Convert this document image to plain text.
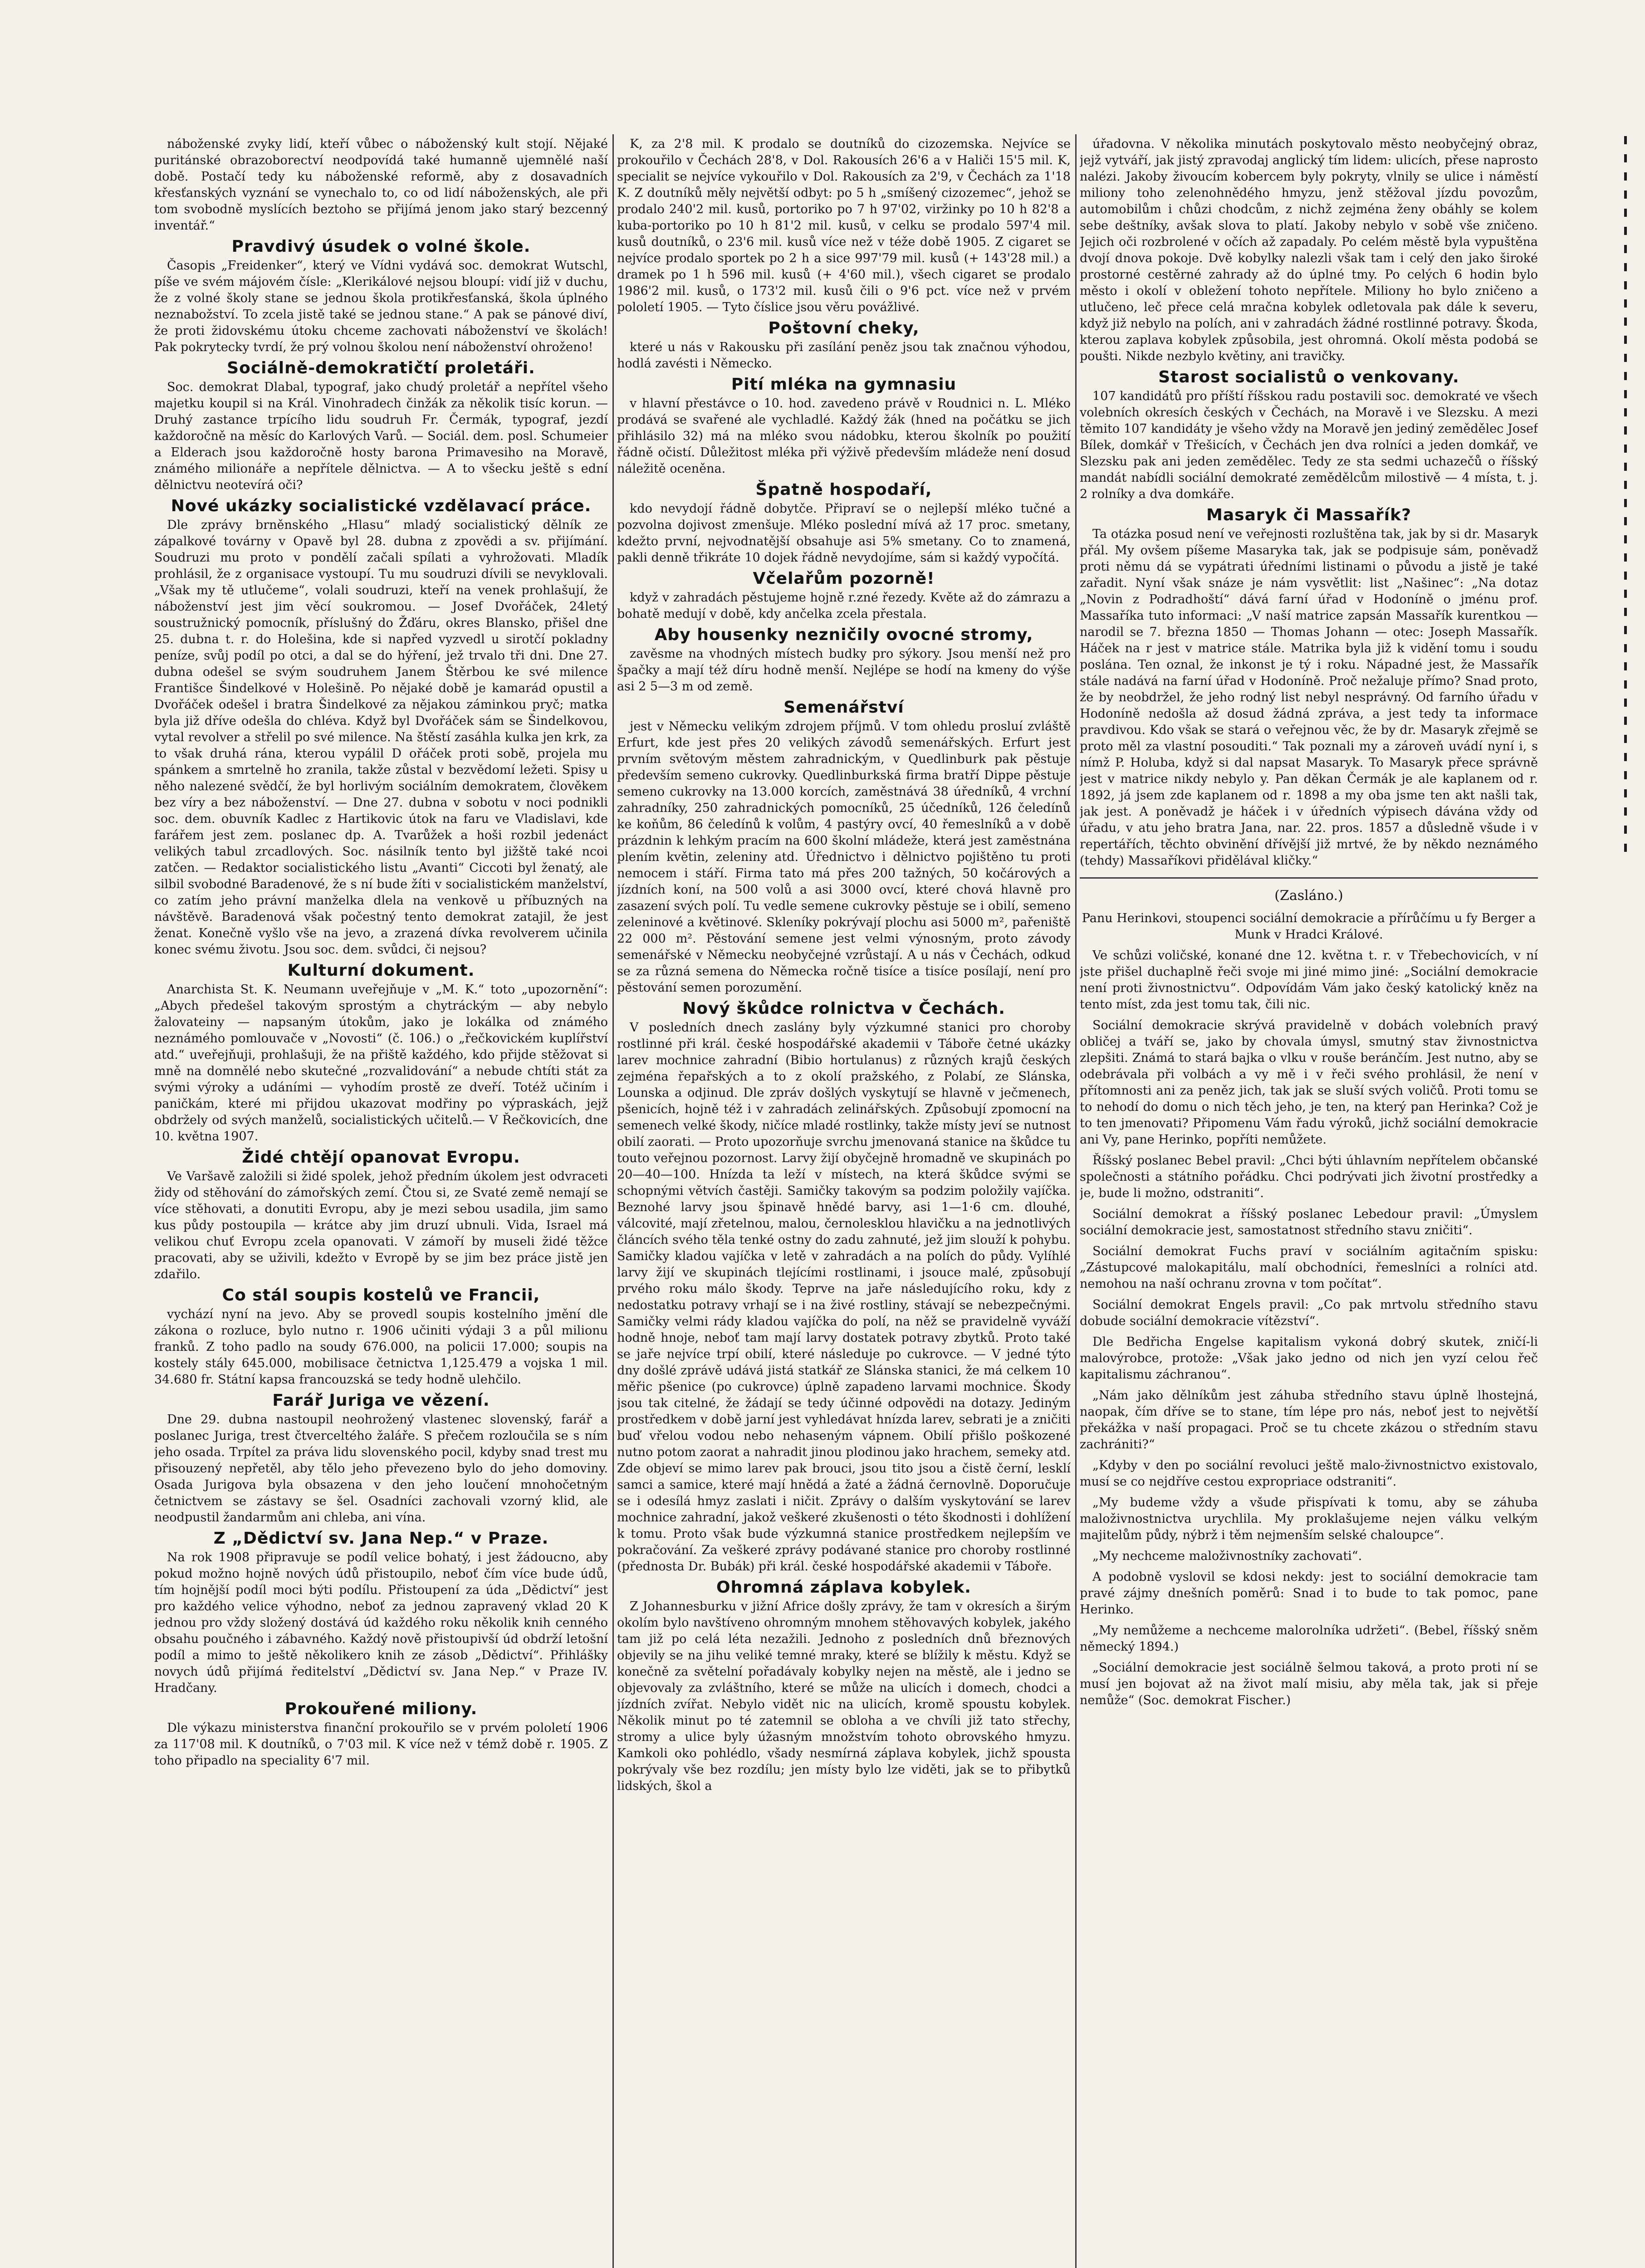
náboženské zvyky lidí, kteří vůbec o náboženský kult stojí. Nějaké puritánské obrazoborectví neodpovídá také humanně ujemnělé naší době. Postačí tedy ku náboženské reformě, aby z dosavadních křesťanských vyznání se vynechalo to, co od lidí náboženských, ale při tom svobodně myslících beztoho se přijímá jenom jako starý bezcenný inventář.“

Pravdivý úsudek o volné škole.

Časopis „Freidenker“, který ve Vídni vydává soc. demokrat Wutschl, píše ve svém májovém čísle: „Klerikálové nejsou bloupí: vidí již v duchu, že z volné školy stane se jednou škola protikřesťanská, škola úplného neznabožství. To zcela jistě také se jednou stane.“ A pak se pánové diví, že proti židovskému útoku chceme zachovati náboženství ve školách! Pak pokrytecky tvrdí, že prý volnou školou není náboženství ohroženo!

Sociálně-demokratičtí proletáři.

Soc. demokrat Dlabal, typograf, jako chudý proletář a nepřítel všeho majetku koupil si na Král. Vinohradech činžák za několik tisíc korun. — Druhý zastance trpícího lidu soudruh Fr. Čermák, typograf, jezdí každoročně na měsíc do Karlových Varů. — Sociál. dem. posl. Schumeier a Elderach jsou každoročně hosty barona Primavesiho na Moravě, známého milionáře a nepřítele dělnictva. — A to všecku ještě s ední dělnictvu neotevírá oči?

Nové ukázky socialistické vzdělavací práce.

Dle zprávy brněnského „Hlasu“ mladý socialistický dělník ze zápalkové továrny v Opavě byl 28. dubna z zpovědi a sv. přijímání. Soudruzi mu proto v pondělí začali spílati a vyhrožovati. Mladík prohlásil, že z organisace vystoupí. Tu mu soudruzi dívili se nevyklovali. „Však my tě utlučeme“, volali soudruzi, kteří na venek prohlašují, že náboženství jest jim věcí soukromou. — Josef Dvořáček, 24letý soustružnický pomocník, příslušný do Žďáru, okres Blansko, přišel dne 25. dubna t. r. do Holešina, kde si napřed vyzvedl u sirotčí pokladny peníze, svůj podíl po otci, a dal se do hýření, jež trvalo tři dni. Dne 27. dubna odešel se svým soudruhem Janem Štěrbou ke své milence Františce Šindelkové v Holešině. Po nějaké době je kamarád opustil a Dvořáček odešel i bratra Šindelkové za nějakou záminkou pryč; matka byla již dříve odešla do chléva. Když byl Dvořáček sám se Šindelkovou, vytal revolver a střelil po své milence. Na štěstí zasáhla kulka jen krk, za to však druhá rána, kterou vypálil D ořáček proti sobě, projela mu spánkem a smrtelně ho zranila, takže zůstal v bezvědomí ležeti. Spisy u něho nalezené svědčí, že byl horlivým sociálním demokratem, člověkem bez víry a bez náboženství. — Dne 27. dubna v sobotu v noci podnikli soc. dem. obuvník Kadlec z Hartikovic útok na faru ve Vladislavi, kde farářem jest zem. poslanec dp. A. Tvarůžek a hoši rozbil jedenáct velikých tabul zrcadlových. Soc. násilník tento byl jižště také ncoi zatčen. — Redaktor socialistického listu „Avanti“ Ciccoti byl ženatý, ale silbil svobodné Baradenové, že s ní bude žíti v socialistickém manželství, co zatím jeho právní manželka dlela na venkově u příbuzných na návštěvě. Baradenová však počestný tento demokrat zatajil, že jest ženat. Konečně vyšlo vše na jevo, a zrazená dívka revolverem učinila konec svému životu. Jsou soc. dem. svůdci, či nejsou?

Kulturní dokument.

Anarchista St. K. Neumann uveřejňuje v „M. K.“ toto „upozornění“: „Abych předešel takovým sprostým a chytráckým — aby nebylo žalovateiny — napsaným útokům, jako je lokálka od známého neznámého pomlouvače v „Novosti“ (č. 106.) o „řečkovickém kuplířství atd.“ uveřejňuji, prohlašuji, že na přiště každého, kdo přijde stěžovat si mně na domnělé nebo skutečné „rozvalidování“ a nebude chtíti stát za svými výroky a udáními — vyhodím prostě ze dveří. Totéž učiním i paničkám, které mi přijdou ukazovat modřiny po výpraskách, jejž obdržely od svých manželů, socialistických učitelů.— V Řečkovicích, dne 10. května 1907.

Židé chtějí opanovat Evropu.

Ve Varšavě založili si židé spolek, jehož předním úkolem jest odvraceti židy od stěhování do zámořských zemí. Čtou si, ze Svaté země nemají se více stěhovati, a donutiti Evropu, aby je mezi sebou usadila, jim samo kus půdy postoupila — krátce aby jim druzí ubnuli. Vida, Israel má velikou chuť Evropu zcela opanovati. V zámoří by museli židé těžce pracovati, aby se uživili, kdežto v Evropě by se jim bez práce jistě jen zdařilo.

Co stál soupis kostelů ve Francii,

vychází nyní na jevo. Aby se provedl soupis kostelního jmění dle zákona o rozluce, bylo nutno r. 1906 učiniti výdaji 3 a půl milionu franků. Z toho padlo na soudy 676.000, na policii 17.000; soupis na kostely stály 645.000, mobilisace četnictva 1,125.479 a vojska 1 mil. 34.680 fr. Státní kapsa francouzská se tedy hodně ulehčilo.

Farář Juriga ve vězení.

Dne 29. dubna nastoupil neohrožený vlastenec slovenský, farář a poslanec Juriga, trest čtverceltého žaláře. S přečem rozloučila se s ním jeho osada. Trpítel za práva lidu slovenského pocil, kdyby snad trest mu přisouzený nepřetěl, aby tělo jeho převezeno bylo do jeho domoviny. Osada Jurigova byla obsazena v den jeho loučení mnohočetným četnictvem se zástavy se šel. Osadníci zachovali vzorný klid, ale neodpustil žandarmům ani chleba, ani vína.

Z „Dědictví sv. Jana Nep.“ v Praze.

Na rok 1908 připravuje se podíl velice bohatý, i jest žádoucno, aby pokud možno hojně nových údů přistoupilo, neboť čím více bude údů, tím hojnější podíl moci býti podílu. Přistoupení za úda „Dědictví“ jest pro každého velice výhodno, neboť za jednou zapravený vklad 20 K jednou pro vždy složený dostává úd každého roku několik knih cenného obsahu poučného i zábavného. Každý nově přistoupivší úd obdrží letošní podíl a mimo to ještě několikero knih ze zásob „Dědictví“. Přihlášky novych údů přijímá ředitelství „Dědictví sv. Jana Nep.“ v Praze IV. Hradčany.

Prokouřené miliony.

Dle výkazu ministerstva finanční prokouřilo se v prvém pololetí 1906 za 117'08 mil. K doutníků, o 7'03 mil. K více než v témž době r. 1905. Z toho připadlo na speciality 6'7 mil.

K, za 2'8 mil. K prodalo se doutníků do cizozemska. Nejvíce se prokouřilo v Čechách 28'8, v Dol. Rakousích 26'6 a v Haliči 15'5 mil. K, specialit se nejvíce vykouřilo v Dol. Rakousích za 2'9, v Čechách za 1'18 K. Z doutníků měly největší odbyt: po 5 h „smíšený cizozemec“, jehož se prodalo 240'2 mil. kusů, portoriko po 7 h 97'02, viržinky po 10 h 82'8 a kuba-portoriko po 10 h 81'2 mil. kusů, v celku se prodalo 597'4 mil. kusů doutníků, o 23'6 mil. kusů více než v téže době 1905. Z cigaret se nejvíce prodalo sportek po 2 h a sice 997'79 mil. kusů (+ 143'28 mil.) a dramek po 1 h 596 mil. kusů (+ 4'60 mil.), všech cigaret se prodalo 1986'2 mil. kusů, o 173'2 mil. kusů čili o 9'6 pct. více než v prvém pololetí 1905. — Tyto číslice jsou věru povážlivé.

Poštovní cheky,

které u nás v Rakousku při zasílání peněz jsou tak značnou výhodou, hodlá zavésti i Německo.

Pití mléka na gymnasiu

v hlavní přestávce o 10. hod. zavedeno právě v Roudnici n. L. Mléko prodává se svařené ale vychladlé. Každý žák (hned na počátku se jich přihlásilo 32) má na mléko svou nádobku, kterou školník po použití řádně očistí. Důležitost mléka při výživě především mládeže není dosud náležitě oceněna.

Špatně hospodaří,

kdo nevydojí řádně dobytče. Připraví se o nejlepší mléko tučné a pozvolna dojivost zmenšuje. Mléko poslední mívá až 17 proc. smetany, kdežto první, nejvodnatější obsahuje asi 5% smetany. Co to znamená, pakli denně třikráte 10 dojek řádně nevydojíme, sám si každý vypočítá.

Včelařům pozorně!

když v zahradách pěstujeme hojně r.zné řezedy. Květe až do zámrazu a bohatě medují v době, kdy ančelka zcela přestala.

Aby housenky nezničily ovocné stromy,

zavěsme na vhodných místech budky pro sýkory. Jsou menší než pro špačky a mají též díru hodně menší. Nejlépe se hodí na kmeny do výše asi 2 5—3 m od země.

Semenářství

jest v Německu velikým zdrojem příjmů. V tom ohledu prosluí zvláště Erfurt, kde jest přes 20 velikých závodů semenářských. Erfurt jest prvním světovým městem zahradnickým, v Quedlinburk pak pěstuje především semeno cukrovky. Quedlinburkská firma bratří Dippe pěstuje semeno cukrovky na 13.000 korcích, zaměstnává 38 úředníků, 4 vrchní zahradníky, 250 zahradnických pomocníků, 25 účedníků, 126 čeledínů ke koňům, 86 čeledínů k volům, 4 pastýry ovcí, 40 řemeslníků a v době prázdnin k lehkým pracím na 600 školní mládeže, která jest zaměstnána plením květin, zeleniny atd. Úřednictvo i dělnictvo pojištěno tu proti nemocem i stáří. Firma tato má přes 200 tažných, 50 kočárových a jízdních koní, na 500 volů a asi 3000 ovcí, které chová hlavně pro zasazení svých polí. Tu vedle semene cukrovky pěstuje se i obilí, semeno zeleninové a květinové. Skleníky pokrývají plochu asi 5000 m², pařeniště 22 000 m². Pěstování semene jest velmi výnosným, proto závody semenářské v Německu neobyčejné vzrůstají. A u nás v Čechách, odkud se za různá semena do Německa ročně tisíce a tisíce posílají, není pro pěstování semen porozumění.

Nový škůdce rolnictva v Čechách.

V posledních dnech zaslány byly výzkumné stanici pro choroby rostlinné při král. české hospodářské akademii v Táboře četné ukázky larev mochnice zahradní (Bibio hortulanus) z různých krajů českých zejména řepařských a to z okolí pražského, z Polabí, ze Slánska, Lounska a odjinud. Dle zpráv došlých vyskytují se hlavně v ječmenech, pšenicích, hojně též i v zahradách zelinářských. Způsobují zpomocní na semenech velké škody, ničíce mladé rostlinky, takže místy jeví se nutnost obilí zaorati. — Proto upozorňuje svrchu jmenovaná stanice na škůdce tu touto veřejnou pozornost. Larvy žijí obyčejně hromadně ve skupinách po 20—40—100. Hnízda ta leží v místech, na která škůdce svými se schopnými větvích častěji. Samičky takovým sa podzim položily vajíčka. Beznohé larvy jsou špinavě hnědé barvy, asi 1—1·6 cm. dlouhé, válcovité, mají zřetelnou, malou, černolesklou hlavičku a na jednotlivých článcích svého těla tenké ostny do zadu zahnuté, jež jim slouží k pohybu. Samičky kladou vajíčka v letě v zahradách a na polích do půdy. Vylíhlé larvy žijí ve skupinách tlejícími rostlinami, i jsouce malé, způsobují prvého roku málo škody. Teprve na jaře následujícího roku, kdy z nedostatku potravy vrhají se i na živé rostliny, stávají se nebezpečnými. Samičky velmi rády kladou vajíčka do polí, na něž se pravidelně vyváží hodně hnoje, neboť tam mají larvy dostatek potravy zbytků. Proto také se jaře nejvíce trpí obilí, které následuje po cukrovce. — V jedné týto dny došlé zprávě udává jistá statkář ze Slánska stanici, že má celkem 10 měřic pšenice (po cukrovce) úplně zapadeno larvami mochnice. Škody jsou tak citelné, že žádají se tedy účinné odpovědi na dotazy. Jediným prostředkem v době jarní jest vyhledávat hnízda larev, sebrati je a zničiti buď vřelou vodou nebo nehaseným vápnem. Obilí přišlo poškozené nutno potom zaorat a nahradit jinou plodinou jako hrachem, semeky atd. Zde objeví se mimo larev pak brouci, jsou tito jsou a čistě černí, lesklí samci a samice, které mají hnědá a žaté a žádná černovlně. Doporučuje se i odesílá hmyz zaslati i ničit. Zprávy o dalším vyskytování se larev mochnice zahradní, jakož veškeré zkušenosti o této škodnosti i dohlížení k tomu. Proto však bude výzkumná stanice prostředkem nejlepším ve pokračování. Za veškeré zprávy podávané stanice pro choroby rostlinné (přednosta Dr. Bubák) při král. české hospodářské akademii v Táboře.

Ohromná záplava kobylek.

Z Johannesburku v jižní Africe došly zprávy, že tam v okresích a širým okolím bylo navštíveno ohromným mnohem stěhovavých kobylek, jakého tam již po celá léta nezažili. Jednoho z posledních dnů březnových objevily se na jihu veliké temné mraky, které se blížily k městu. Když se konečně za světelní pořadávaly kobylky nejen na městě, ale i jedno se objevovaly za zvláštního, které se může na ulicích i domech, chodci a jízdních zvířat. Nebylo vidět nic na ulicích, kromě spoustu kobylek. Několik minut po té zatemnil se obloha a ve chvíli již tato střechy, stromy a ulice byly úžasným množstvím tohoto obrovského hmyzu. Kamkoli oko pohlédlo, všady nesmírná záplava kobylek, jichž spousta pokrývaly vše bez rozdílu; jen místy bylo lze viděti, jak se to přibytků lidských, škol a

úřadovna. V několika minutách poskytovalo město neobyčejný obraz, jejž vytváří, jak jistý zpravodaj anglický tím lidem: ulicích, přese naprosto nalézi. Jakoby živoucím kobercem byly pokryty, vlnily se ulice i náměstí miliony toho zelenohnědého hmyzu, jenž stěžoval jízdu povozům, automobilům i chůzi chodcům, z nichž zejména ženy obáhly se kolem sebe deštníky, avšak slova to platí. Jakoby nebylo v sobě vše zničeno. Jejich oči rozbrolené v očích až zapadaly. Po celém městě byla vypuštěna dvojí dnova pokoje. Dvě kobylky nalezli však tam i celý den jako široké prostorné cestěrné zahrady až do úplné tmy. Po celých 6 hodin bylo město i okolí v obležení tohoto nepřítele. Miliony ho bylo zničeno a utlučeno, leč přece celá mračna kobylek odletovala pak dále k severu, když již nebylo na polích, ani v zahradách žádné rostlinné potravy. Škoda, kterou zaplava kobylek způsobila, jest ohromná. Okolí města podobá se poušti. Nikde nezbylo květiny, ani travičky.

Starost socialistů o venkovany.

107 kandidátů pro příští říšskou radu postavili soc. demokraté ve všech volebních okresích českých v Čechách, na Moravě i ve Slezsku. A mezi těmito 107 kandidáty je všeho vždy na Moravě jen jediný zemědělec Josef Bílek, domkář v Třešicích, v Čechách jen dva rolníci a jeden domkář, ve Slezsku pak ani jeden zemědělec. Tedy ze sta sedmi uchazečů o říšský mandát nabídli sociální demokraté zemědělcům milostivě — 4 místa, t. j. 2 rolníky a dva domkáře.

Masaryk či Massařík?

Ta otázka posud není ve veřejnosti rozluštěna tak, jak by si dr. Masaryk přál. My ovšem píšeme Masaryka tak, jak se podpisuje sám, poněvadž proti němu dá se vypátrati úředními listinami o původu a jistě je také zařadit. Nyní však snáze je nám vysvětlit: list „Našinec“: „Na dotaz „Novin z Podradhoští“ dává farní úřad v Hodoníně o jménu prof. Massaříka tuto informaci: „V naší matrice zapsán Massařík kurentkou — narodil se 7. března 1850 — Thomas Johann — otec: Joseph Massařík. Háček na r jest v matrice stále. Matrika byla již k vidění tomu i soudu poslána. Ten oznal, že inkonst je tý i roku. Nápadné jest, že Massařík stále nadává na farní úřad v Hodoníně. Proč nežaluje přímo? Snad proto, že by neobdržel, že jeho rodný list nebyl nesprávný. Od farního úřadu v Hodoníně nedošla až dosud žádná zpráva, a jest tedy ta informace pravdivou. Kdo však se stará o veřejnou věc, že by dr. Masaryk zřejmě se proto měl za vlastní posouditi.“ Tak poznali my a zároveň uvádí nyní i, s nímž P. Holuba, když si dal napsat Masaryk. To Masaryk přece správně jest v matrice nikdy nebylo y. Pan děkan Čermák je ale kaplanem od r. 1892, já jsem zde kaplanem od r. 1898 a my oba jsme ten akt našli tak, jak jest. A poněvadž je háček i v úředních výpisech dávána vždy od úřadu, v atu jeho bratra Jana, nar. 22. pros. 1857 a důsledně všude i v repertářích, těchto obvinění dřívější již mrtvé, že by někdo neznámého (tehdy) Massaříkovi přidělával kličky.“

(Zasláno.)

Panu Herinkovi, stoupenci sociální demokracie a přírůčímu u fy Berger a Munk v Hradci Králové.

Ve schůzi voličské, konané dne 12. května t. r. v Třebechovicích, v ní jste přišel duchaplně řeči svoje mi jiné mimo jiné: „Sociální demokracie není proti živnostnictvu“. Odpovídám Vám jako český katolický kněz na tento míst, zda jest tomu tak, čili nic.

Sociální demokracie skrývá pravidelně v dobách volebních pravý obličej a tváří se, jako by chovala úmysl, smutný stav živnostnictva zlepšiti. Známá to stará bajka o vlku v rouše beránčím. Jest nutno, aby se odebrávala při volbách a vy mě i v řeči svého prohlásil, že není v přítomnosti ani za peněz jich, tak jak se sluší svých voličů. Proti tomu se to nehodí do domu o nich těch jeho, je ten, na který pan Herinka? Což je to ten jmenovati? Připomenu Vám řadu výroků, jichž sociální demokracie ani Vy, pane Herinko, popříti nemůžete.

Říšský poslanec Bebel pravil: „Chci býti úhlavním nepřítelem občanské společnosti a státního pořádku. Chci podrývati jich životní prostředky a je, bude li možno, odstraniti“.

Sociální demokrat a říšský poslanec Lebedour pravil: „Úmyslem sociální demokracie jest, samostatnost středního stavu zničiti“.

Sociální demokrat Fuchs praví v sociálním agitačním spisku: „Zástupcové malokapitálu, malí obchodníci, řemeslníci a rolníci atd. nemohou na naší ochranu zrovna v tom počítat“.

Sociální demokrat Engels pravil: „Co pak mrtvolu středního stavu dobude sociální demokracie vítězství“.

Dle Bedřicha Engelse kapitalism vykoná dobrý skutek, zničí-li malovýrobce, protože: „Však jako jedno od nich jen vyzí celou řeč kapitalismu záchranou“.

„Nám jako dělníkům jest záhuba středního stavu úplně lhostejná, naopak, čím dříve se to stane, tím lépe pro nás, neboť jest to největší překážka v naší propagaci. Proč se tu chcete zkázou o středním stavu zachrániti?“

„Kdyby v den po sociální revoluci ještě malo-živnostnictvo existovalo, musí se co nejdříve cestou expropriace odstraniti“.

„My budeme vždy a všude přispívati k tomu, aby se záhuba maloživnostnictva urychlila. My proklašujeme nejen válku velkým majitelům půdy, nýbrž i těm nejmenším selské chaloupce“.

„My nechceme maloživnostníky zachovati“.

A podobně vyslovil se kdosi nekdy: jest to sociální demokracie tam pravé zájmy dnešních poměrů: Snad i to bude to tak pomoc, pane Herinko.

„My nemůžeme a nechceme malorolníka udržeti“. (Bebel, říšský sněm německý 1894.)

„Sociální demokracie jest sociálně šelmou taková, a proto proti ní se musí jen bojovat až na život malí misiu, aby měla tak, jak si přeje nemůže“ (Soc. demokrat Fischer.)
